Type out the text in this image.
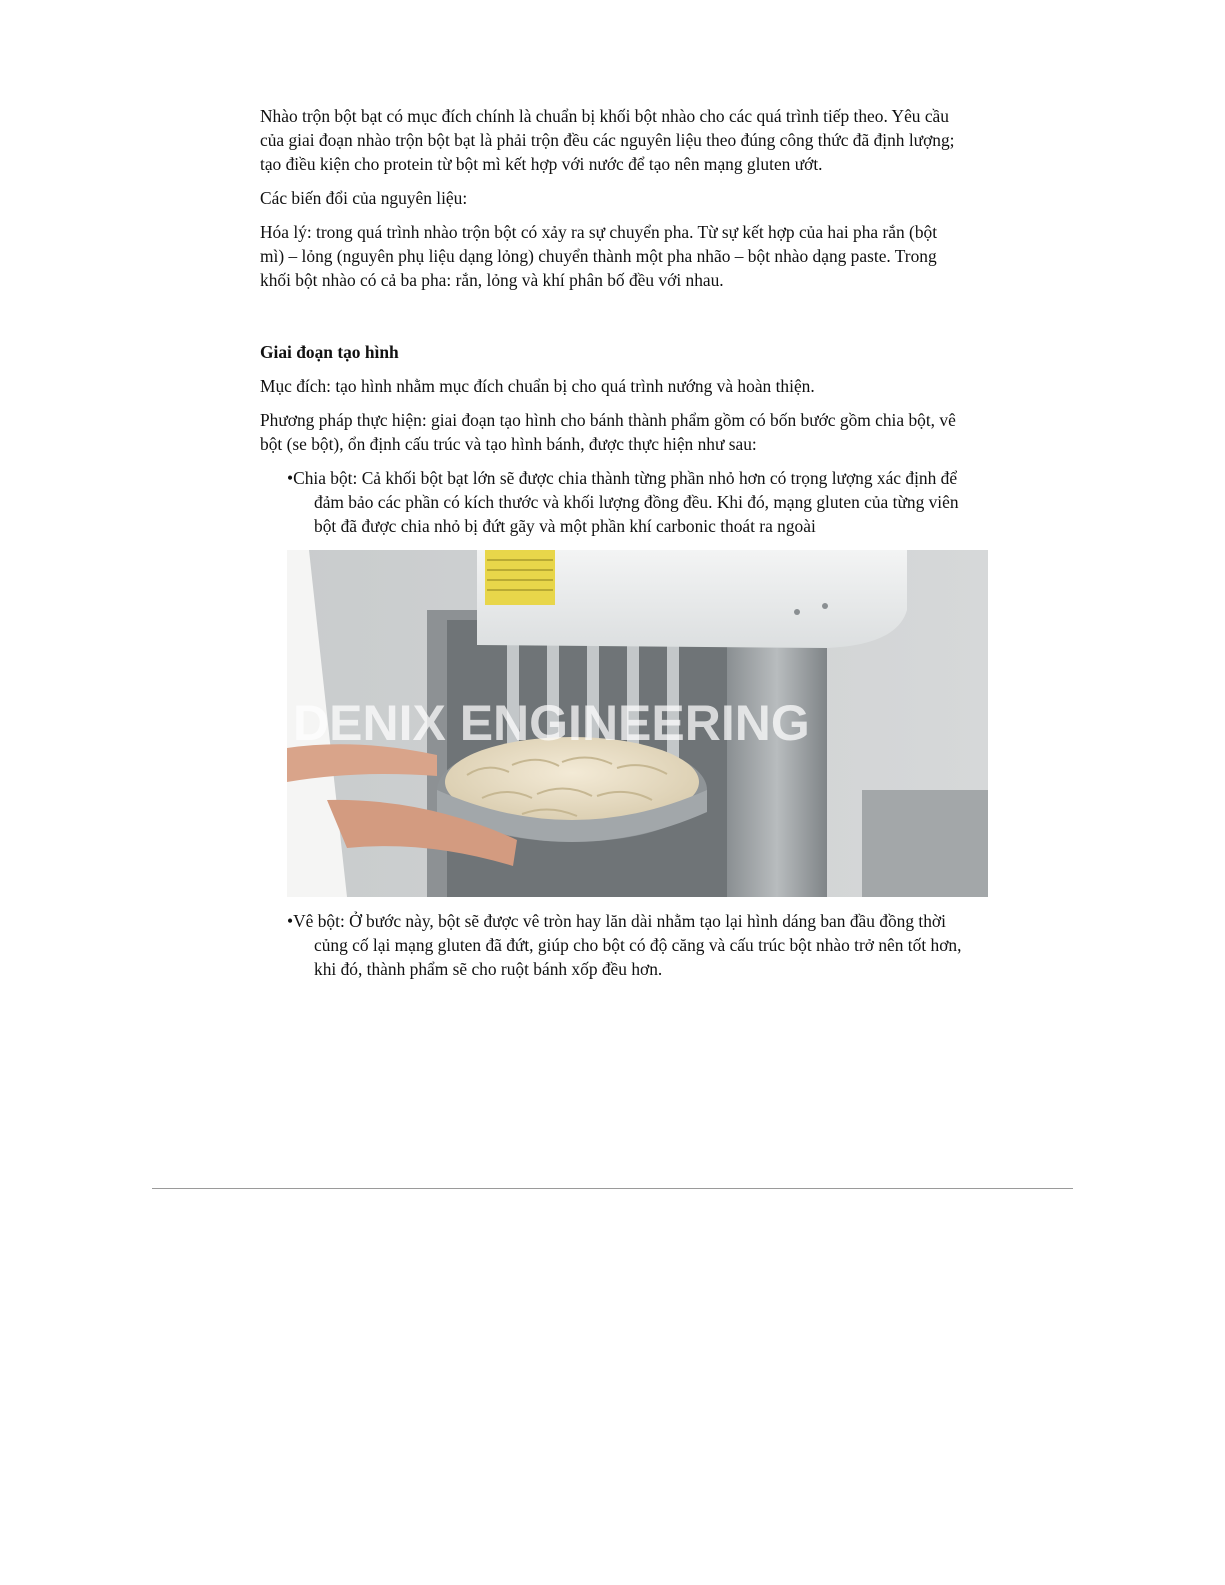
Nhào trộn bột bạt có mục đích chính là chuẩn bị khối bột nhào cho các quá trình tiếp theo. Yêu cầu của giai đoạn nhào trộn bột bạt là phải trộn đều các nguyên liệu theo đúng công thức đã định lượng; tạo điều kiện cho protein từ bột mì kết hợp với nước để tạo nên mạng gluten ướt.

Các biến đổi của nguyên liệu:

Hóa lý: trong quá trình nhào trộn bột có xảy ra sự chuyển pha. Từ sự kết hợp của hai pha rắn (bột mì) – lỏng (nguyên phụ liệu dạng lỏng) chuyển thành một pha nhão – bột nhào dạng paste. Trong khối bột nhào có cả ba pha: rắn, lỏng và khí phân bố đều với nhau.

Giai đoạn tạo hình

Mục đích: tạo hình nhằm mục đích chuẩn bị cho quá trình nướng và hoàn thiện.

Phương pháp thực hiện: giai đoạn tạo hình cho bánh thành phẩm gồm có bốn bước gồm chia bột, vê bột (se bột), ổn định cấu trúc và tạo hình bánh, được thực hiện như sau:

•Chia bột: Cả khối bột bạt lớn sẽ được chia thành từng phần nhỏ hơn có trọng lượng xác định để đảm bảo các phần có kích thước và khối lượng đồng đều. Khi đó, mạng gluten của từng viên bột đã được chia nhỏ bị đứt gãy và một phần khí carbonic thoát ra ngoài
DENIX ENGINEERING
•Vê bột: Ở bước này, bột sẽ được vê tròn hay lăn dài nhằm tạo lại hình dáng ban đầu đồng thời củng cố lại mạng gluten đã đứt, giúp cho bột có độ căng và cấu trúc bột nhào trở nên tốt hơn, khi đó, thành phẩm sẽ cho ruột bánh xốp đều hơn.
